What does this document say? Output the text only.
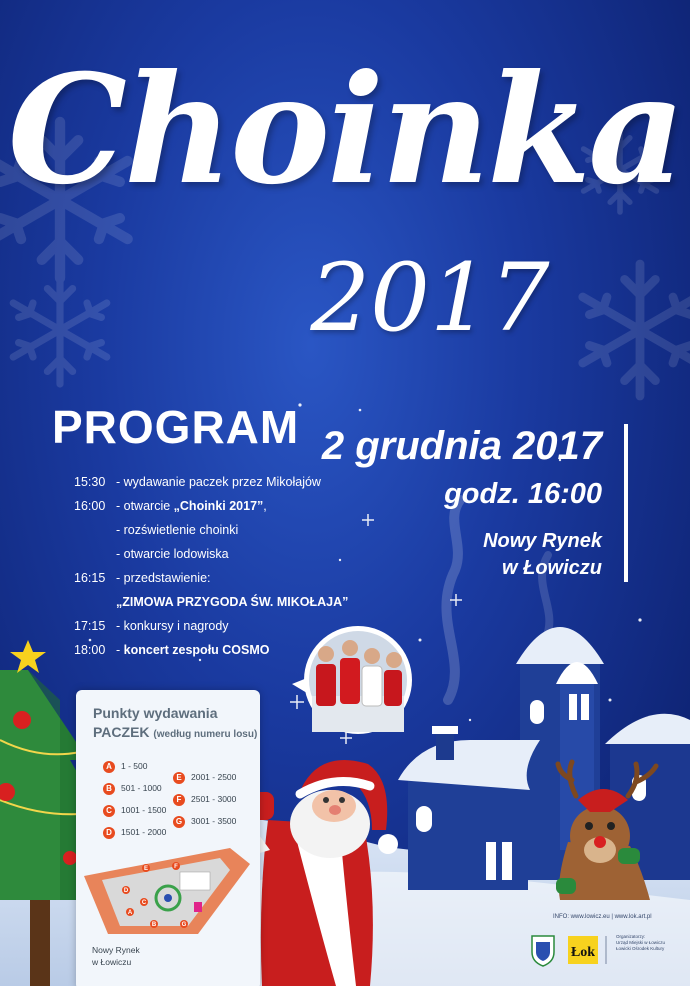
Choinka
2017
PROGRAM 2 grudnia 2017
godz. 16:00
Nowy Rynek
w Łowiczu
15:30 - wydawanie paczek przez Mikołajów
16:00 - otwarcie „Choinki 2017”,
- rozświetlenie choinki
- otwarcie lodowiska
16:15 - przedstawienie:
„ZIMOWA PRZYGODA ŚW. MIKOŁAJA”
17:15 - konkursy i nagrody
18:00 - koncert zespołu COSMO
Punkty wydawania
PACZEK (według numeru losu)
A 1 - 500
B 501 - 1000
C 1001 - 1500
D 1501 - 2000
E 2001 - 2500
F 2501 - 3000
G 3001 - 3500
E	F
D
A
B
C
G
Nowy Rynek
w Łowiczu
INFO: www.lowicz.eu | www.lok.art.pl
Łok
Organizatorzy:
Urząd Miejski w Łowiczu
Łowicki Ośrodek Kultury
